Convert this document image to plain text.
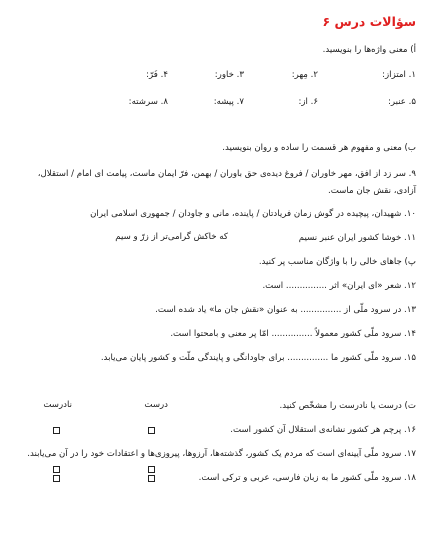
سؤالات درس ۶
أ) معنی واژه‌ها را بنویسید.
۱. امتزاز:
۲. مِهر:
۳. خاور:
۴. فَرّ:
۵. عنبر:
۶. از:
۷. پیشه:
۸. سرشته:
ب) معنی و مفهوم هر قسمت را ساده و روان بنویسید.
۹. سر زد از افق، مهر خاوران / فروغ دیده‌ی حق باوران / بهمن، فرّ ایمان ماست، پیامت ای امام / استقلال، آزادی، نقش جان ماست.
۱۰. شهیدان، پیچیده در گوش زمان فریادتان / پاینده، مانی و جاودان / جمهوری اسلامی ایران
۱۱. خوشا کشور ایران عنبر نسیم
که خاکش گرامی‌تر از زرّ و سیم
پ) جاهای خالی را با واژگان مناسب پر کنید.
۱۲. شعر «ای ایران» اثر ............... است.
۱۳. در سرود ملّی از ............... به عنوان «نقش جان ما» یاد شده است.
۱۴. سرود ملّی کشور معمولاً ............... امّا پر معنی و بامحتوا است.
۱۵. سرود ملّی کشور ما ............... برای جاودانگی و پایندگی ملّت و کشور پایان می‌یابد.
ت) درست یا نادرست را مشخّص کنید.
درست
نادرست
۱۶. پرچم هر کشور نشانه‌ی استقلال آن کشور است.
۱۷. سرود ملّی آیینه‌ای است که مردم یک کشور، گذشته‌ها، آرزوها، پیروزی‌ها و اعتقادات خود را در آن می‌یابند.
۱۸. سرود ملّی کشور ما به زبان فارسی، عربی و ترکی است.
